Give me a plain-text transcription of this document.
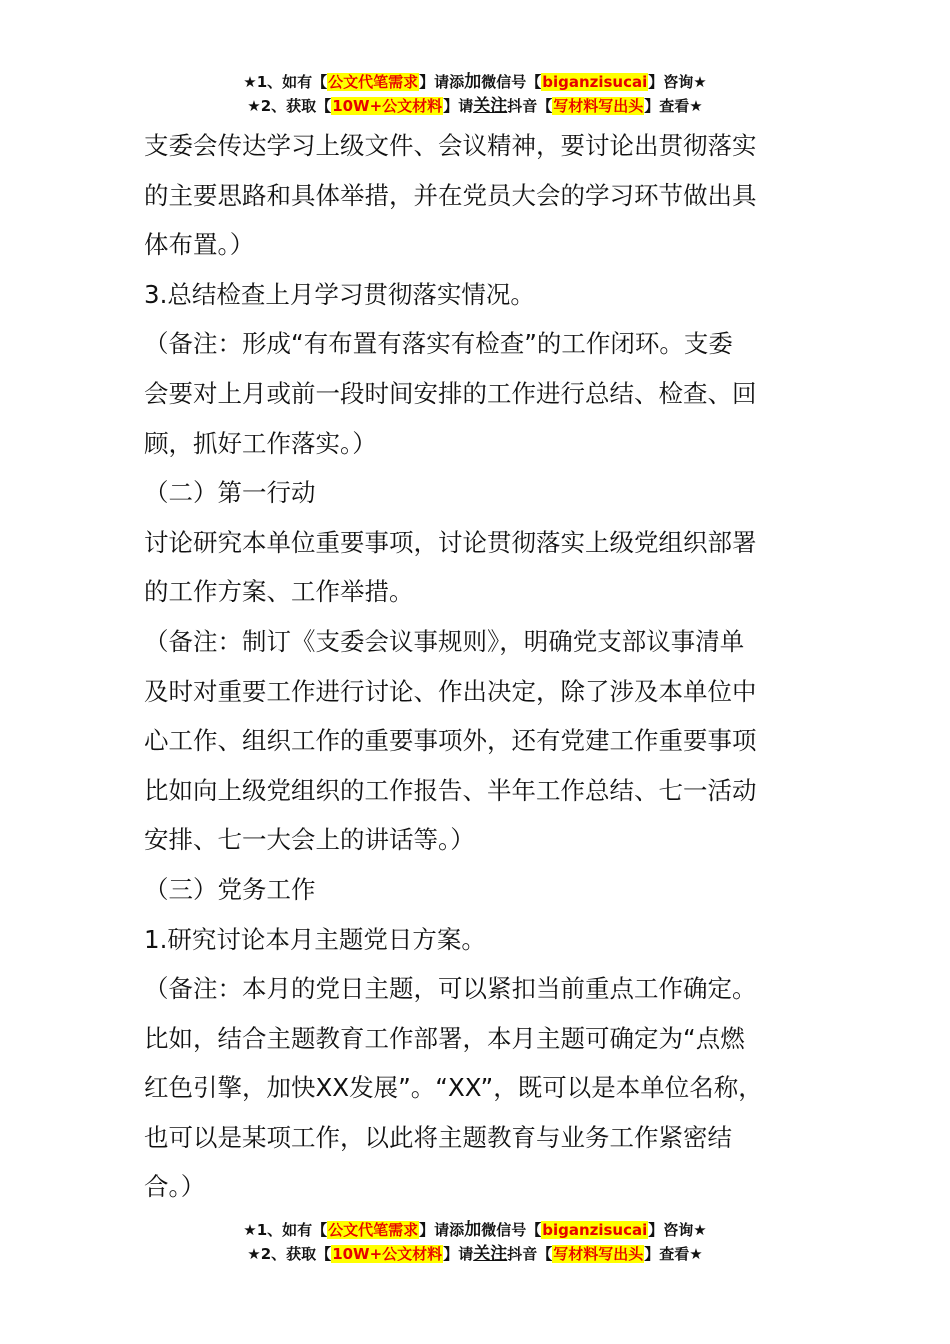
★1、如有【公文代笔需求】请添加微信号【biganzisucai】咨询★
★2、获取【10W+公文材料】请关注抖音【写材料写出头】查看★

支委会传达学习上级文件、会议精神，要讨论出贯彻落实

的主要思路和具体举措，并在党员大会的学习环节做出具

体布置。）

3.总结检查上月学习贯彻落实情况。

（备注：形成“有布置有落实有检查”的工作闭环。支委

会要对上月或前一段时间安排的工作进行总结、检查、回

顾，抓好工作落实。）

（二）第一行动

讨论研究本单位重要事项，讨论贯彻落实上级党组织部署

的工作方案、工作举措。

（备注：制订《支委会议事规则》，明确党支部议事清单

及时对重要工作进行讨论、作出决定，除了涉及本单位中

心工作、组织工作的重要事项外，还有党建工作重要事项

比如向上级党组织的工作报告、半年工作总结、七一活动

安排、七一大会上的讲话等。）

（三）党务工作

1.研究讨论本月主题党日方案。

（备注：本月的党日主题，可以紧扣当前重点工作确定。

比如，结合主题教育工作部署，本月主题可确定为“点燃

红色引擎，加快XX发展”。“XX”，既可以是本单位名称，

也可以是某项工作，以此将主题教育与业务工作紧密结

合。）

★1、如有【公文代笔需求】请添加微信号【biganzisucai】咨询★
★2、获取【10W+公文材料】请关注抖音【写材料写出头】查看★
